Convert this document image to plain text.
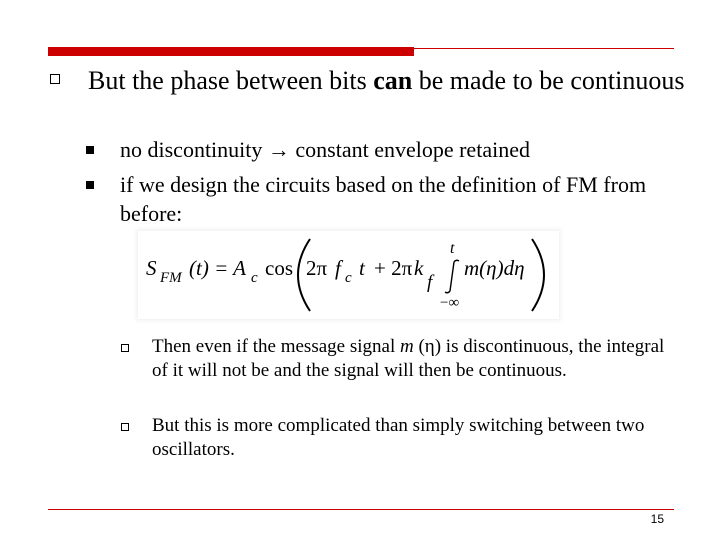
But the phase between bits can be made to be continuous
no discontinuity → constant envelope retained
if we design the circuits based on the definition of FM from before:
S FM (t) = A c cos 2π f c t + 2π k
f
t
−∞
m(η)dη
Then even if the message signal m (η) is discontinuous, the integral of it will not be and the signal will then be continuous.
But this is more complicated than simply switching between two oscillators.
15
